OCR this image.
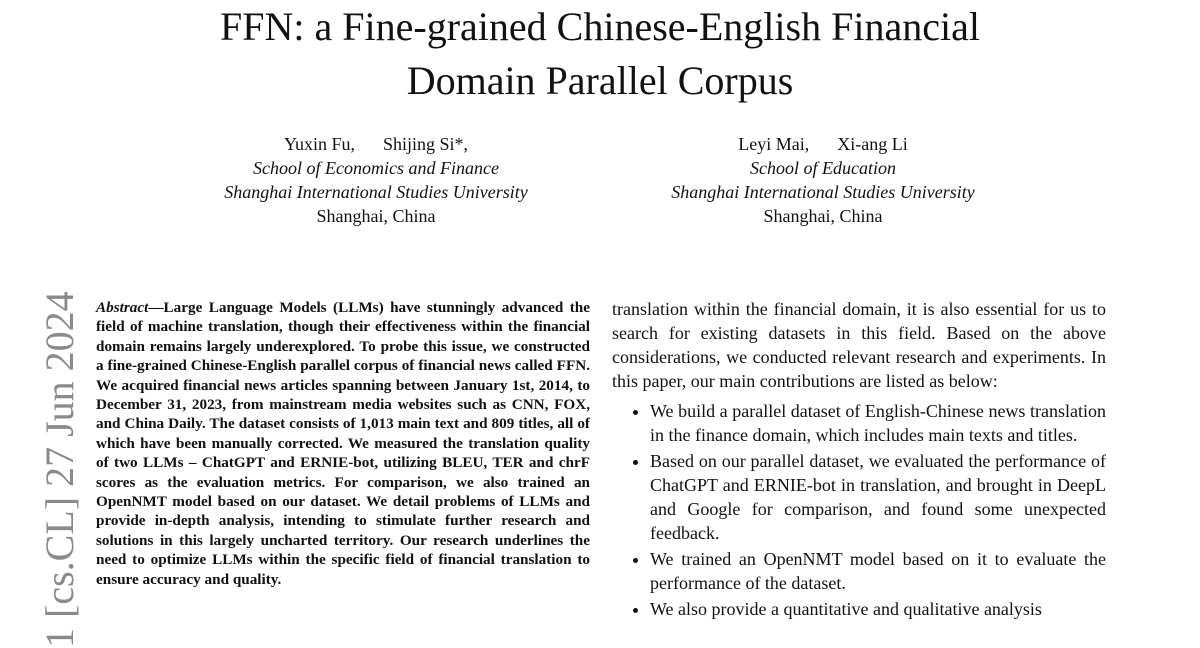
FFN: a Fine-grained Chinese-English Financial
Domain Parallel Corpus
Yuxin Fu, Shijing Si*,
School of Economics and Finance
Shanghai International Studies University
Shanghai, China
Leyi Mai, Xi-ang Li
School of Education
Shanghai International Studies University
Shanghai, China
1 [cs.CL] 27 Jun 2024 Abstract—Large Language Models (LLMs) have stunningly advanced the field of machine translation, though their effectiveness within the financial domain remains largely underexplored. To probe this issue, we constructed a fine-grained Chinese-English parallel corpus of financial news called FFN. We acquired financial news articles spanning between January 1st, 2014, to December 31, 2023, from mainstream media websites such as CNN, FOX, and China Daily. The dataset consists of 1,013 main text and 809 titles, all of which have been manually corrected. We measured the translation quality of two LLMs – ChatGPT and ERNIE-bot, utilizing BLEU, TER and chrF scores as the evaluation metrics. For comparison, we also trained an OpenNMT model based on our dataset. We detail problems of LLMs and provide in-depth analysis, intending to stimulate further research and solutions in this largely uncharted territory. Our research underlines the need to optimize LLMs within the specific field of financial translation to ensure accuracy and quality.

translation within the financial domain, it is also essential for us to search for existing datasets in this field. Based on the above considerations, we conducted relevant research and experiments. In this paper, our main contributions are listed as below:

• We build a parallel dataset of English-Chinese news translation in the finance domain, which includes main texts and titles.
• Based on our parallel dataset, we evaluated the performance of ChatGPT and ERNIE-bot in translation, and brought in DeepL and Google for comparison, and found some unexpected feedback.
• We trained an OpenNMT model based on it to evaluate the performance of the dataset.
• We also provide a quantitative and qualitative analysis
